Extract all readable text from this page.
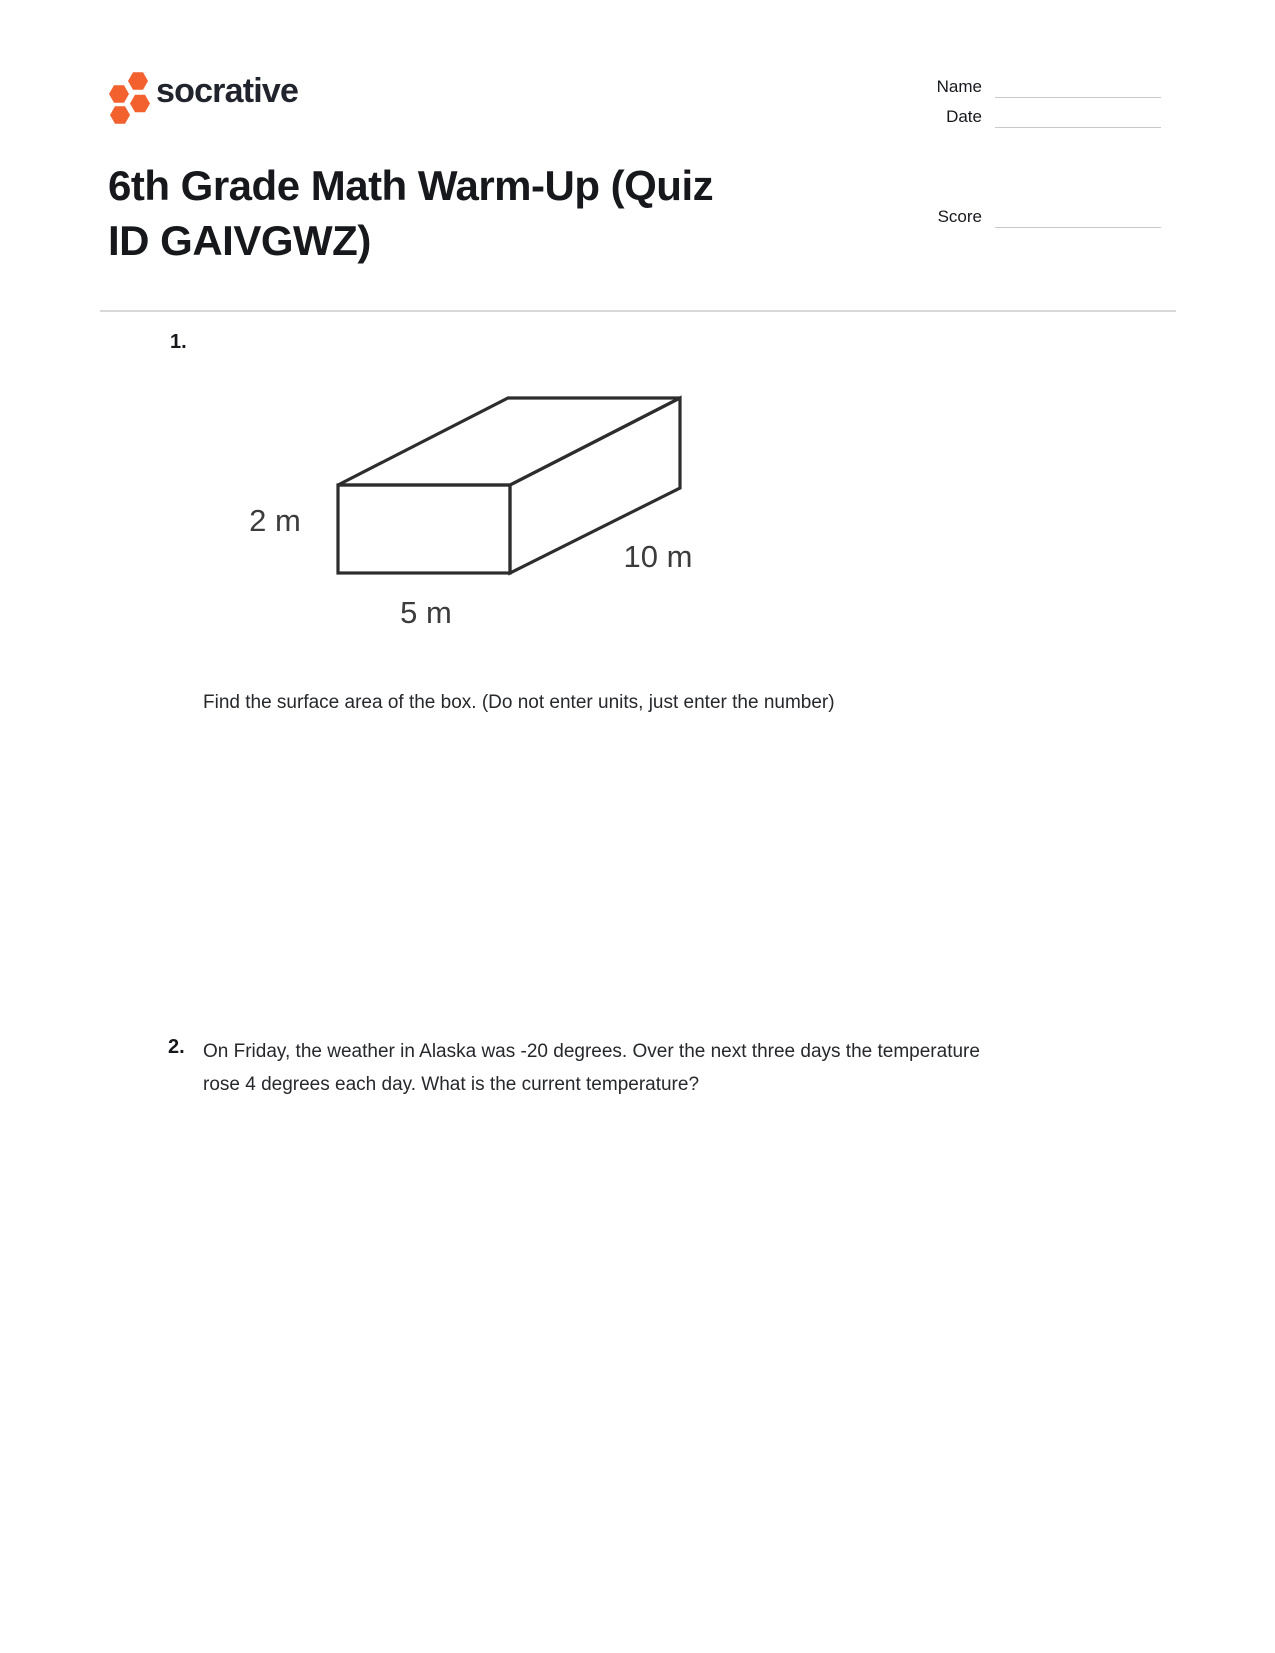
socrative	Name
Date
6th Grade Math Warm-Up (Quiz
ID GAIVGWZ)
Score
1.
2 m
10 m
5 m
Find the surface area of the box. (Do not enter units, just enter the number)
2. On Friday, the weather in Alaska was -20 degrees. Over the next three days the temperature
rose 4 degrees each day. What is the current temperature?
